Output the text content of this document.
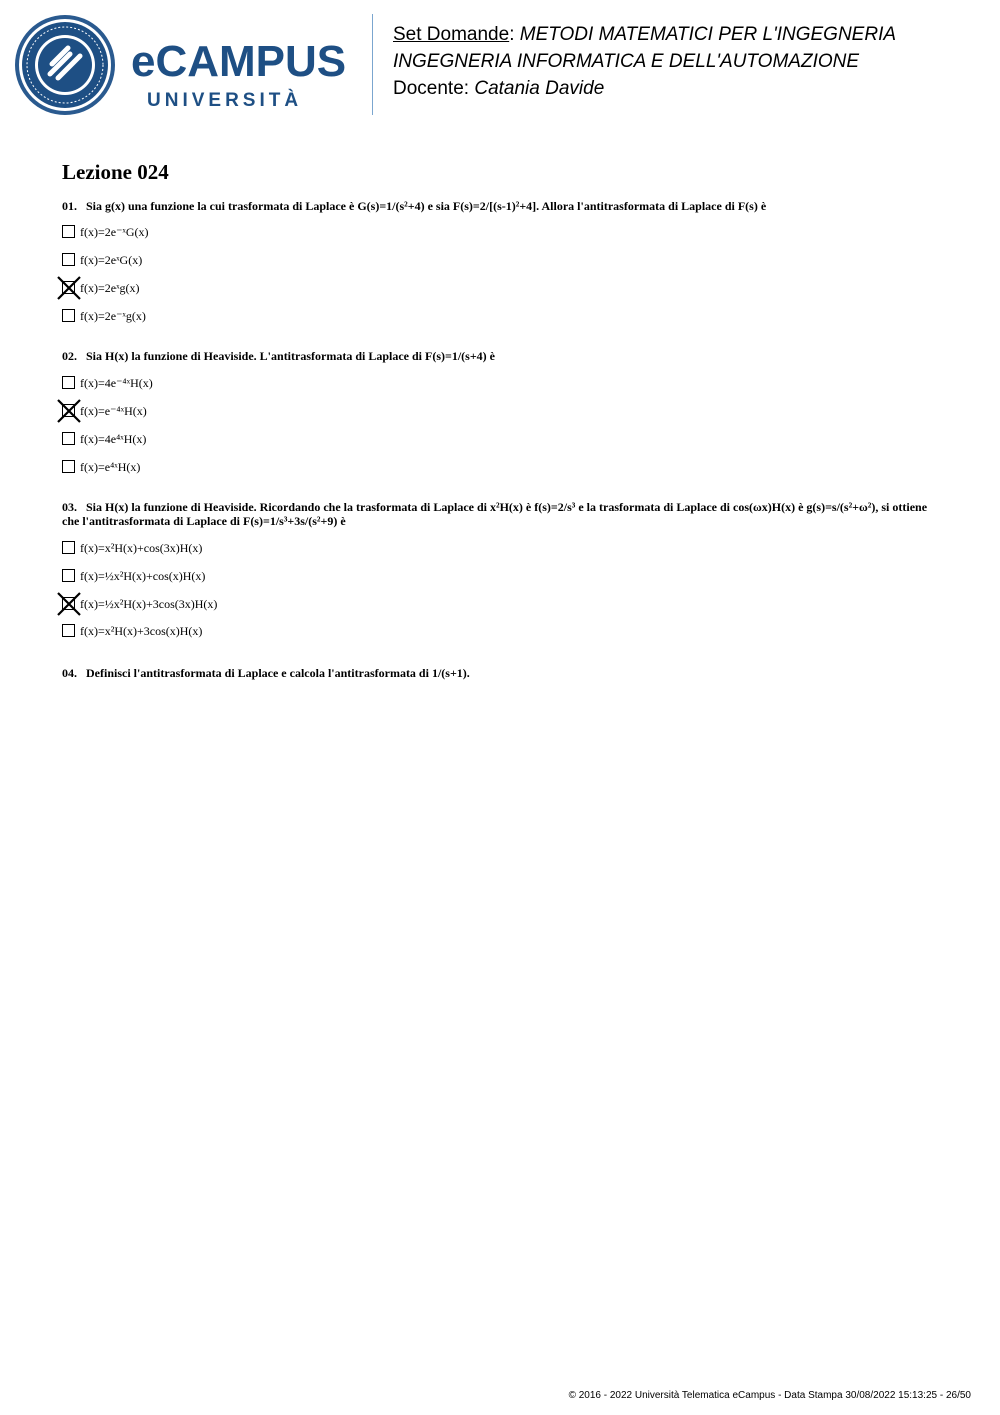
eCAMPUS
UNIVERSITÀ
Set Domande: METODI MATEMATICI PER L'INGEGNERIA
INGEGNERIA INFORMATICA E DELL'AUTOMAZIONE
Docente: Catania Davide
Lezione 024
01. Sia g(x) una funzione la cui trasformata di Laplace è G(s)=1/(s²+4) e sia F(s)=2/[(s-1)²+4]. Allora l'antitrasformata di Laplace di F(s) è
f(x)=2e⁻ˣG(x)
f(x)=2eˣG(x)
f(x)=2eˣg(x)
f(x)=2e⁻ˣg(x)
02. Sia H(x) la funzione di Heaviside. L'antitrasformata di Laplace di F(s)=1/(s+4) è
f(x)=4e⁻⁴ˣH(x)
f(x)=e⁻⁴ˣH(x)
f(x)=4e⁴ˣH(x)
f(x)=e⁴ˣH(x)
03. Sia H(x) la funzione di Heaviside. Ricordando che la trasformata di Laplace di x²H(x) è f(s)=2/s³ e la trasformata di Laplace di cos(ωx)H(x) è g(s)=s/(s²+ω²), si ottiene che l'antitrasformata di Laplace di F(s)=1/s³+3s/(s²+9) è
f(x)=x²H(x)+cos(3x)H(x)
f(x)=½x²H(x)+cos(x)H(x)
f(x)=½x²H(x)+3cos(3x)H(x)
f(x)=x²H(x)+3cos(x)H(x)
04. Definisci l'antitrasformata di Laplace e calcola l'antitrasformata di 1/(s+1).
© 2016 - 2022 Università Telematica eCampus - Data Stampa 30/08/2022 15:13:25 - 26/50
